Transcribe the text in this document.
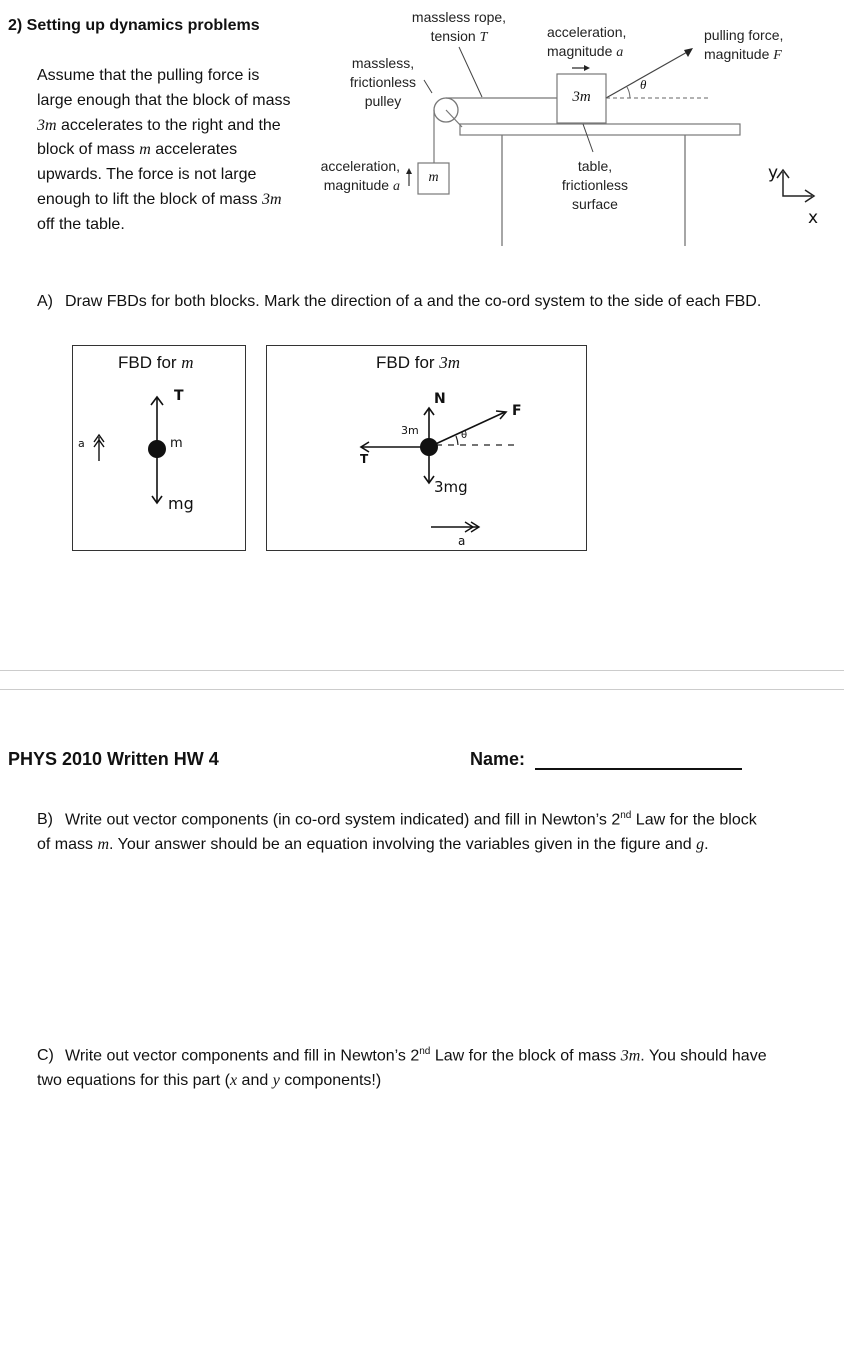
2) Setting up dynamics problems
Assume that the pulling force is large enough that the block of mass 3m accelerates to the right and the block of mass m accelerates upwards. The force is not large enough to lift the block of mass 3m off the table.
massless rope,
tension T
massless,
frictionless
pulley
acceleration,
magnitude a
pulling force,
magnitude F
acceleration,
magnitude a
table,
frictionless
surface
3m
m
θ
y
x
A) Draw FBDs for both blocks. Mark the direction of a and the co-ord system to the side of each FBD.
FBD for m
T
m
mg
a
FBD for 3m
N
F
3m
T
θ
3mg
a
PHYS 2010 Written HW 4	Name:
B) Write out vector components (in co-ord system indicated) and fill in Newton’s 2nd Law for the block of mass m. Your answer should be an equation involving the variables given in the figure and g.
C) Write out vector components and fill in Newton’s 2nd Law for the block of mass 3m. You should have two equations for this part (x and y components!)
